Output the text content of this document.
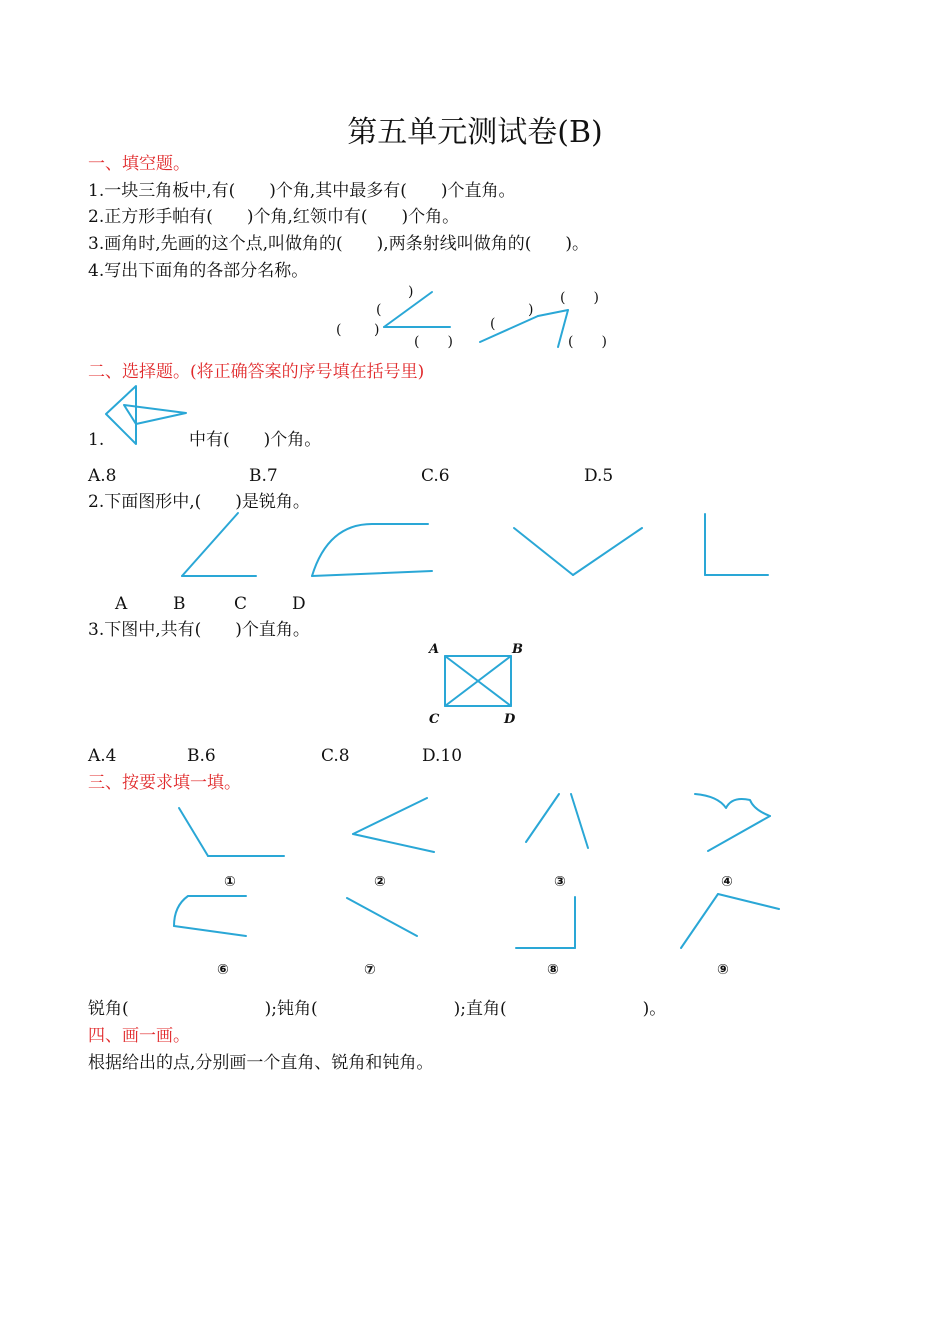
第五单元测试卷(B)
一、填空题。
1.一块三角板中,有(　　)个角,其中最多有(　　)个直角。
2.正方形手帕有(　　)个角,红领巾有(　　)个角。
3.画角时,先画的这个点,叫做角的(　　),两条射线叫做角的(　　)。
4.写出下面角的各部分名称。
)
(
( )
(　　)
(
)
(　　)
(　　)
二、选择题。(将正确答案的序号填在括号里)
1.	中有(　　)个角。
A.8	B.7	C.6	D.5
2.下面图形中,(　　)是锐角。
A	B	C	D
3.下图中,共有(　　)个直角。
A	B
C	D
A.4	B.6	C.8	D.10
三、按要求填一填。
①	②	③	④
⑥	⑦	⑧	⑨
锐角(　　　　　　　　);钝角(　　　　　　　　);直角(　　　　　　　　)。
四、画一画。
根据给出的点,分别画一个直角、锐角和钝角。
